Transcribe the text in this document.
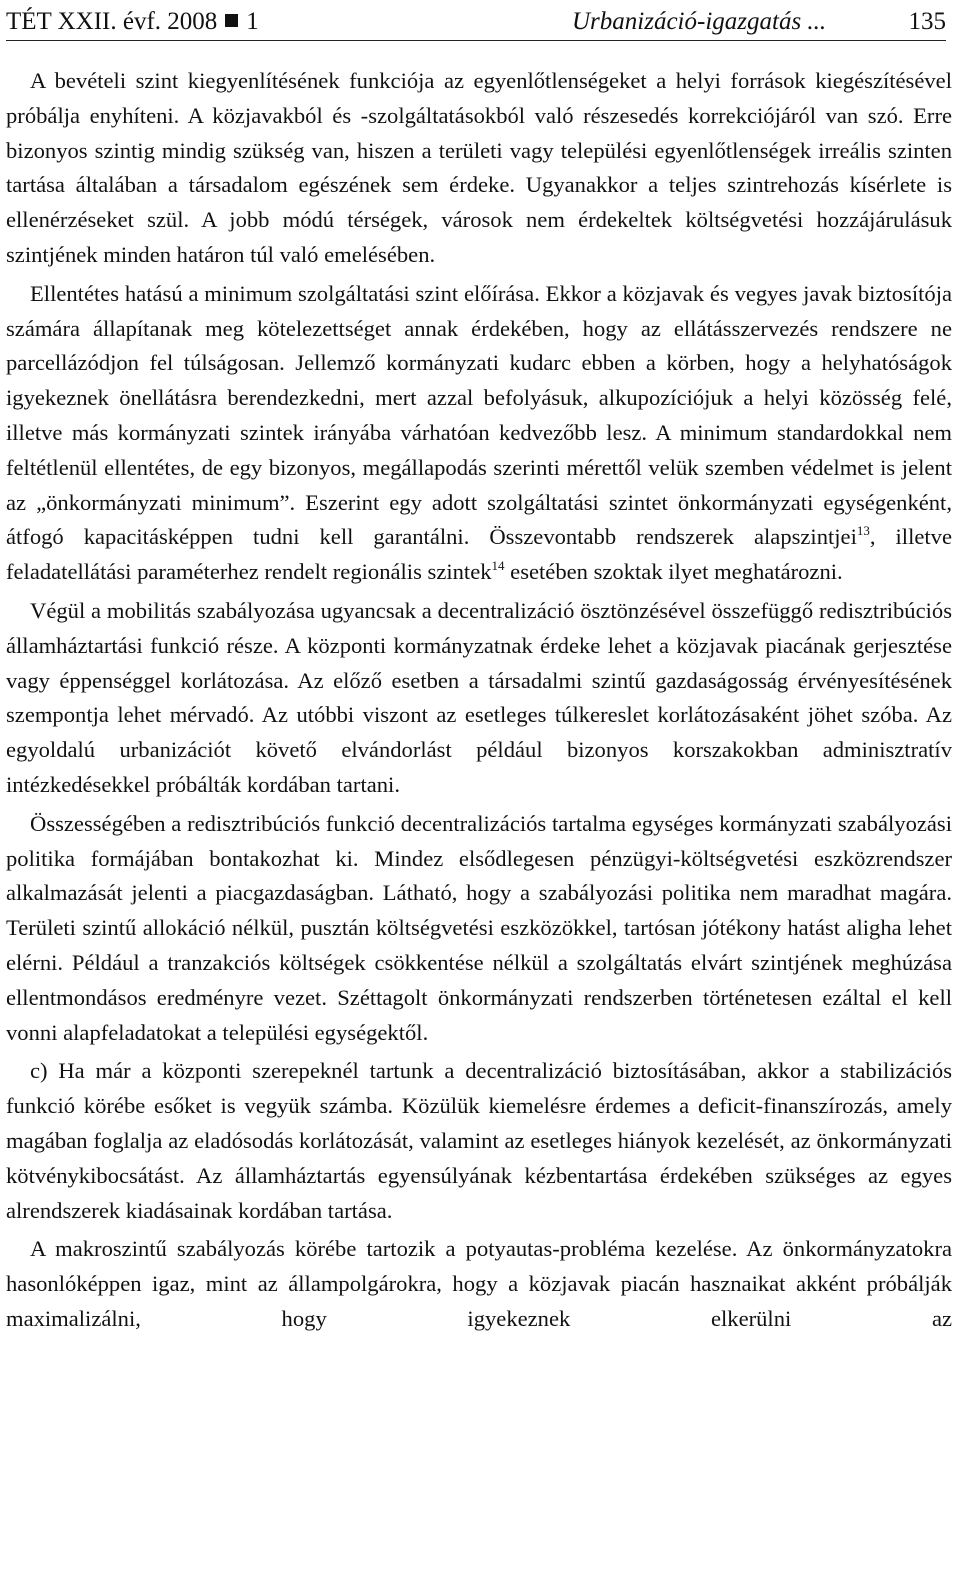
TÉT XXII. évf. 2008 1	Urbanizáció-igazgatás ...	135

A bevételi szint kiegyenlítésének funkciója az egyenlőtlenségeket a helyi források kiegészítésével próbálja enyhíteni. A közjavakból és -szolgáltatásokból való részesedés korrekciójáról van szó. Erre bizonyos szintig mindig szükség van, hiszen a területi vagy települési egyenlőtlenségek irreális szinten tartása általában a társadalom egészének sem érdeke. Ugyanakkor a teljes szintrehozás kísérlete is ellenérzéseket szül. A jobb módú térségek, városok nem érdekeltek költségvetési hozzájárulásuk szintjének minden határon túl való emelésében.

Ellentétes hatású a minimum szolgáltatási szint előírása. Ekkor a közjavak és vegyes javak biztosítója számára állapítanak meg kötelezettséget annak érdekében, hogy az ellátásszervezés rendszere ne parcellázódjon fel túlságosan. Jellemző kormányzati kudarc ebben a körben, hogy a helyhatóságok igyekeznek önellátásra berendezkedni, mert azzal befolyásuk, alkupozíciójuk a helyi közösség felé, illetve más kormányzati szintek irányába várhatóan kedvezőbb lesz. A minimum standardokkal nem feltétlenül ellentétes, de egy bizonyos, megállapodás szerinti mérettől velük szemben védelmet is jelent az „önkormányzati minimum”. Eszerint egy adott szolgáltatási szintet önkormányzati egységenként, átfogó kapacitásképpen tudni kell garantálni. Összevontabb rendszerek alapszintjei$^{13}$, illetve feladatellátási paraméterhez rendelt regionális szintek$^{14}$ esetében szoktak ilyet meghatározni.

Végül a mobilitás szabályozása ugyancsak a decentralizáció ösztönzésével összefüggő redisztribúciós államháztartási funkció része. A központi kormányzatnak érdeke lehet a közjavak piacának gerjesztése vagy éppenséggel korlátozása. Az előző esetben a társadalmi szintű gazdaságosság érvényesítésének szempontja lehet mérvadó. Az utóbbi viszont az esetleges túlkereslet korlátozásaként jöhet szóba. Az egyoldalú urbanizációt követő elvándorlást például bizonyos korszakokban adminisztratív intézkedésekkel próbálták kordában tartani.

Összességében a redisztribúciós funkció decentralizációs tartalma egységes kormányzati szabályozási politika formájában bontakozhat ki. Mindez elsődlegesen pénzügyi-költségvetési eszközrendszer alkalmazását jelenti a piacgazdaságban. Látható, hogy a szabályozási politika nem maradhat magára. Területi szintű allokáció nélkül, pusztán költségvetési eszközökkel, tartósan jótékony hatást aligha lehet elérni. Például a tranzakciós költségek csökkentése nélkül a szolgáltatás elvárt szintjének meghúzása ellentmondásos eredményre vezet. Széttagolt önkormányzati rendszerben történetesen ezáltal el kell vonni alapfeladatokat a települési egységektől.

c) Ha már a központi szerepeknél tartunk a decentralizáció biztosításában, akkor a stabilizációs funkció körébe esőket is vegyük számba. Közülük kiemelésre érdemes a deficit-finanszírozás, amely magában foglalja az eladósodás korlátozását, valamint az esetleges hiányok kezelését, az önkormányzati kötvénykibocsátást. Az államháztartás egyensúlyának kézbentartása érdekében szükséges az egyes alrendszerek kiadásainak kordában tartása.

A makroszintű szabályozás körébe tartozik a potyautas-probléma kezelése. Az önkormányzatokra hasonlóképpen igaz, mint az állampolgárokra, hogy a közjavak piacán hasznaikat akként próbálják maximalizálni, hogy igyekeznek elkerülni az
